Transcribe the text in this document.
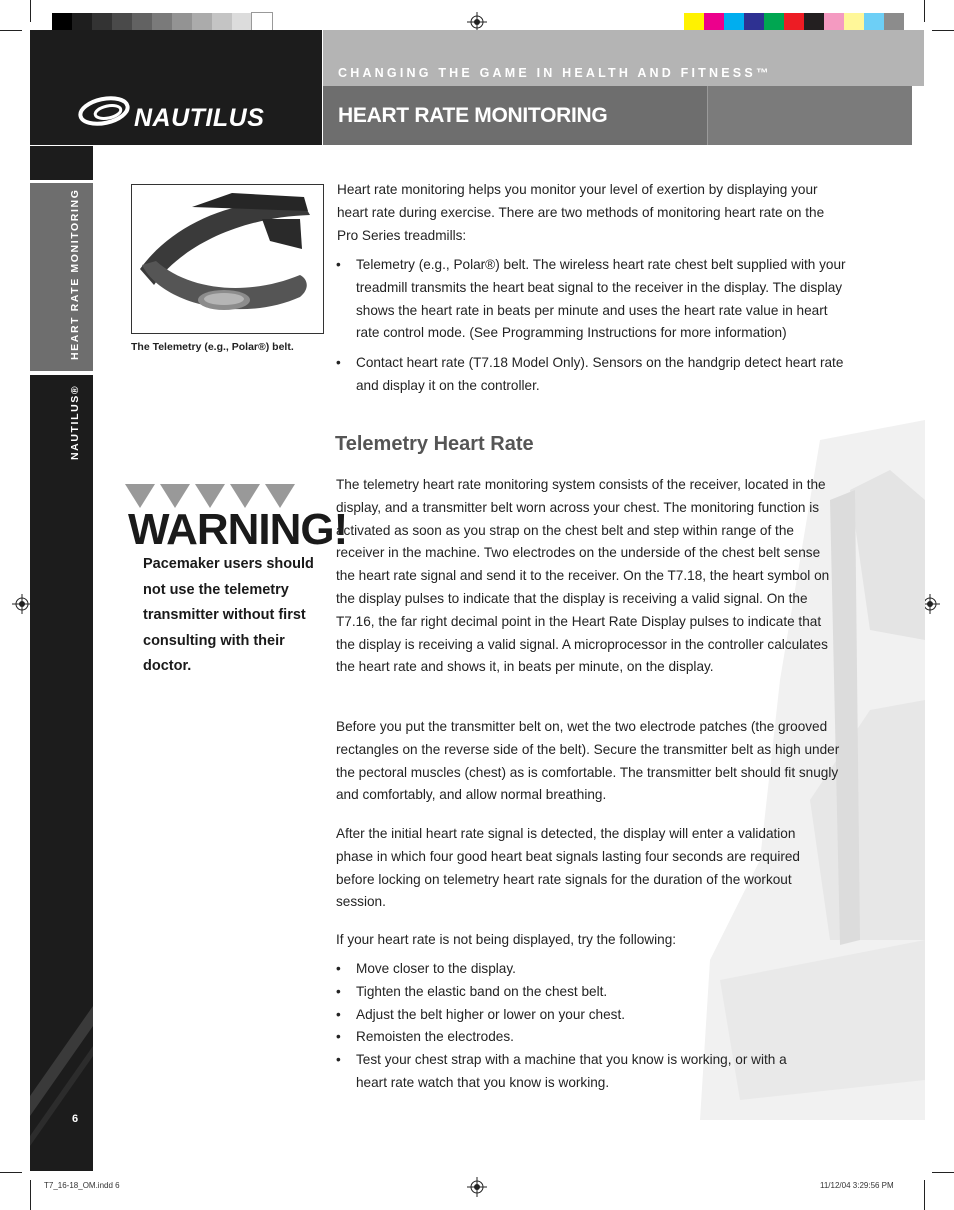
NAUTILUS
CHANGING THE GAME IN HEALTH AND FITNESS™
HEART RATE MONITORING
HEART RATE MONITORING
NAUTILUS®
6
The Telemetry (e.g., Polar®) belt.
WARNING!
Pacemaker users should not use the telemetry transmitter without first consulting with their doctor.
Heart rate monitoring helps you monitor your level of exertion by displaying your heart rate during exercise. There are two methods of monitoring heart rate on the Pro Series treadmills:
• Telemetry (e.g., Polar®) belt. The wireless heart rate chest belt supplied with your treadmill transmits the heart beat signal to the receiver in the display. The display shows the heart rate in beats per minute and uses the heart rate value in heart rate control mode. (See Programming Instructions for more information)
• Contact heart rate (T7.18 Model Only). Sensors on the handgrip detect heart rate and display it on the controller.
Telemetry Heart Rate
The telemetry heart rate monitoring system consists of the receiver, located in the display, and a transmitter belt worn across your chest. The monitoring function is activated as soon as you strap on the chest belt and step within range of the receiver in the machine. Two electrodes on the underside of the chest belt sense the heart rate signal and send it to the receiver. On the T7.18, the heart symbol on the display pulses to indicate that the display is receiving a valid signal. On the T7.16, the far right decimal point in the Heart Rate Display pulses to indicate that the display is receiving a valid signal. A microprocessor in the controller calculates the heart rate and shows it, in beats per minute, on the display.
Before you put the transmitter belt on, wet the two electrode patches (the grooved rectangles on the reverse side of the belt). Secure the transmitter belt as high under the pectoral muscles (chest) as is comfortable. The transmitter belt should fit snugly and comfortably, and allow normal breathing.
After the initial heart rate signal is detected, the display will enter a validation phase in which four good heart beat signals lasting four seconds are required before locking on telemetry heart rate signals for the duration of the workout session.
If your heart rate is not being displayed, try the following:
• Move closer to the display.
• Tighten the elastic band on the chest belt.
• Adjust the belt higher or lower on your chest.
• Remoisten the electrodes.
• Test your chest strap with a machine that you know is working, or with a heart rate watch that you know is working.
T7_16-18_OM.indd 6	11/12/04 3:29:56 PM
